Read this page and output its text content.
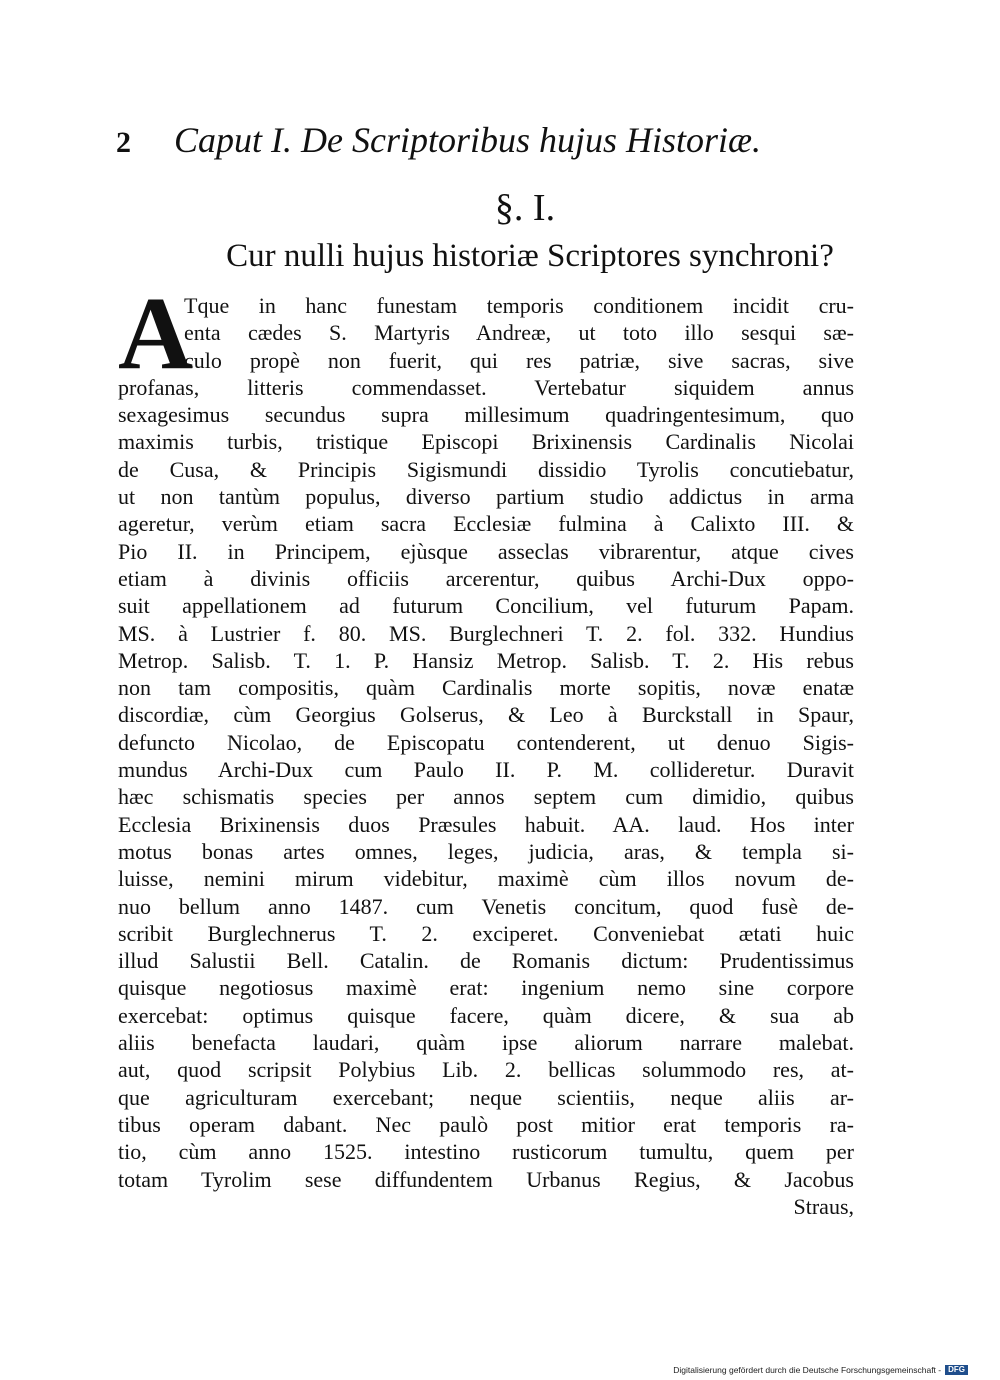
2 Caput I. De Scriptoribus hujus Historiæ.
§. I.
Cur nulli hujus historiæ Scriptores synchroni?
A
Tque in hanc funestam temporis conditionem incidit cru-
enta cædes S. Martyris Andreæ, ut toto illo sesqui sæ-
culo propè non fuerit, qui res patriæ, sive sacras, sive
profanas, litteris commendasset. Vertebatur siquidem annus
sexagesimus secundus supra millesimum quadringentesimum, quo
maximis turbis, tristique Episcopi Brixinensis Cardinalis Nicolai
de Cusa, & Principis Sigismundi dissidio Tyrolis concutiebatur,
ut non tantùm populus, diverso partium studio addictus in arma
ageretur, verùm etiam sacra Ecclesiæ fulmina à Calixto III. &
Pio II. in Principem, ejùsque asseclas vibrarentur, atque cives
etiam à divinis officiis arcerentur, quibus Archi-Dux oppo-
suit appellationem ad futurum Concilium, vel futurum Papam.
MS. à Lustrier f. 80. MS. Burglechneri T. 2. fol. 332. Hundius
Metrop. Salisb. T. 1. P. Hansiz Metrop. Salisb. T. 2. His rebus
non tam compositis, quàm Cardinalis morte sopitis, novæ enatæ
discordiæ, cùm Georgius Golserus, & Leo à Burckstall in Spaur,
defuncto Nicolao, de Episcopatu contenderent, ut denuo Sigis-
mundus Archi-Dux cum Paulo II. P. M. collideretur. Duravit
hæc schismatis species per annos septem cum dimidio, quibus
Ecclesia Brixinensis duos Præsules habuit. AA. laud. Hos inter
motus bonas artes omnes, leges, judicia, aras, & templa si-
luisse, nemini mirum videbitur, maximè cùm illos novum de-
nuo bellum anno 1487. cum Venetis concitum, quod fusè de-
scribit Burglechnerus T. 2. exciperet. Conveniebat ætati huic
illud Salustii Bell. Catalin. de Romanis dictum: Prudentissimus
quisque negotiosus maximè erat: ingenium nemo sine corpore
exercebat: optimus quisque facere, quàm dicere, & sua ab
aliis benefacta laudari, quàm ipse aliorum narrare malebat.
aut, quod scripsit Polybius Lib. 2. bellicas solummodo res, at-
que agriculturam exercebant; neque scientiis, neque aliis ar-
tibus operam dabant. Nec paulò post mitior erat temporis ra-
tio, cùm anno 1525. intestino rusticorum tumultu, quem per
totam Tyrolim sese diffundentem Urbanus Regius, & Jacobus
Straus,
Digitalisierung gefördert durch die Deutsche Forschungsgemeinschaft - DFG
